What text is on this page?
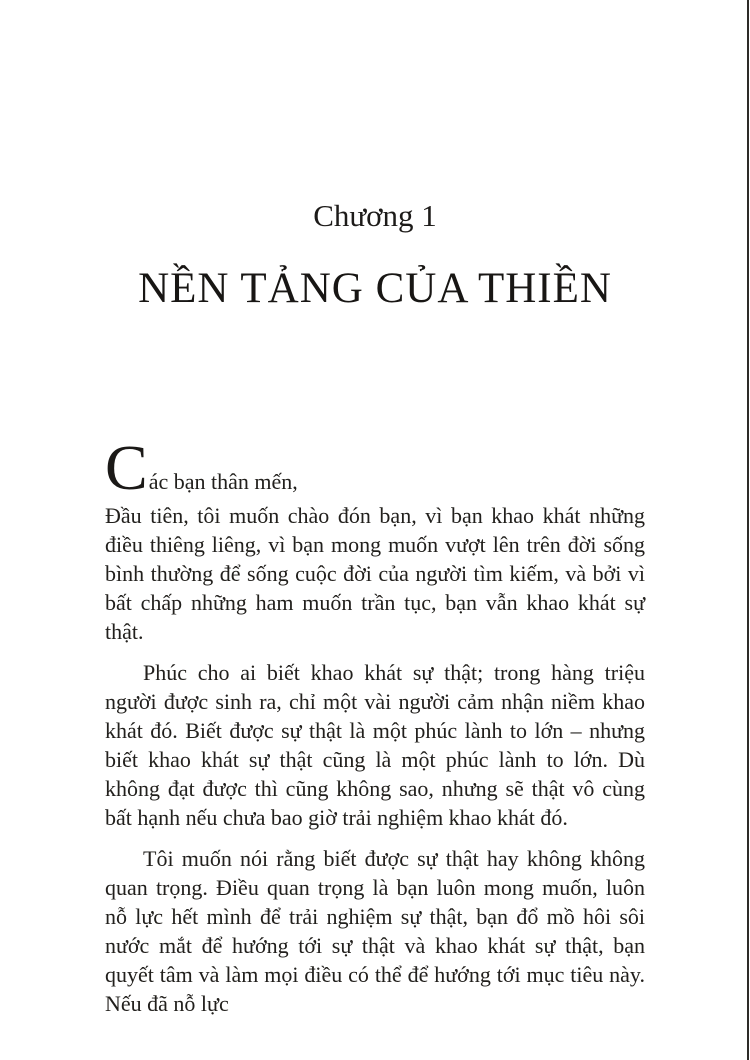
Chương 1
NỀN TẢNG CỦA THIỀN

C ác bạn thân mến,

Đầu tiên, tôi muốn chào đón bạn, vì bạn khao khát những điều thiêng liêng, vì bạn mong muốn vượt lên trên đời sống bình thường để sống cuộc đời của người tìm kiếm, và bởi vì bất chấp những ham muốn trần tục, bạn vẫn khao khát sự thật.

Phúc cho ai biết khao khát sự thật; trong hàng triệu người được sinh ra, chỉ một vài người cảm nhận niềm khao khát đó. Biết được sự thật là một phúc lành to lớn – nhưng biết khao khát sự thật cũng là một phúc lành to lớn. Dù không đạt được thì cũng không sao, nhưng sẽ thật vô cùng bất hạnh nếu chưa bao giờ trải nghiệm khao khát đó.

Tôi muốn nói rằng biết được sự thật hay không không quan trọng. Điều quan trọng là bạn luôn mong muốn, luôn nỗ lực hết mình để trải nghiệm sự thật, bạn đổ mồ hôi sôi nước mắt để hướng tới sự thật và khao khát sự thật, bạn quyết tâm và làm mọi điều có thể để hướng tới mục tiêu này. Nếu đã nỗ lực
